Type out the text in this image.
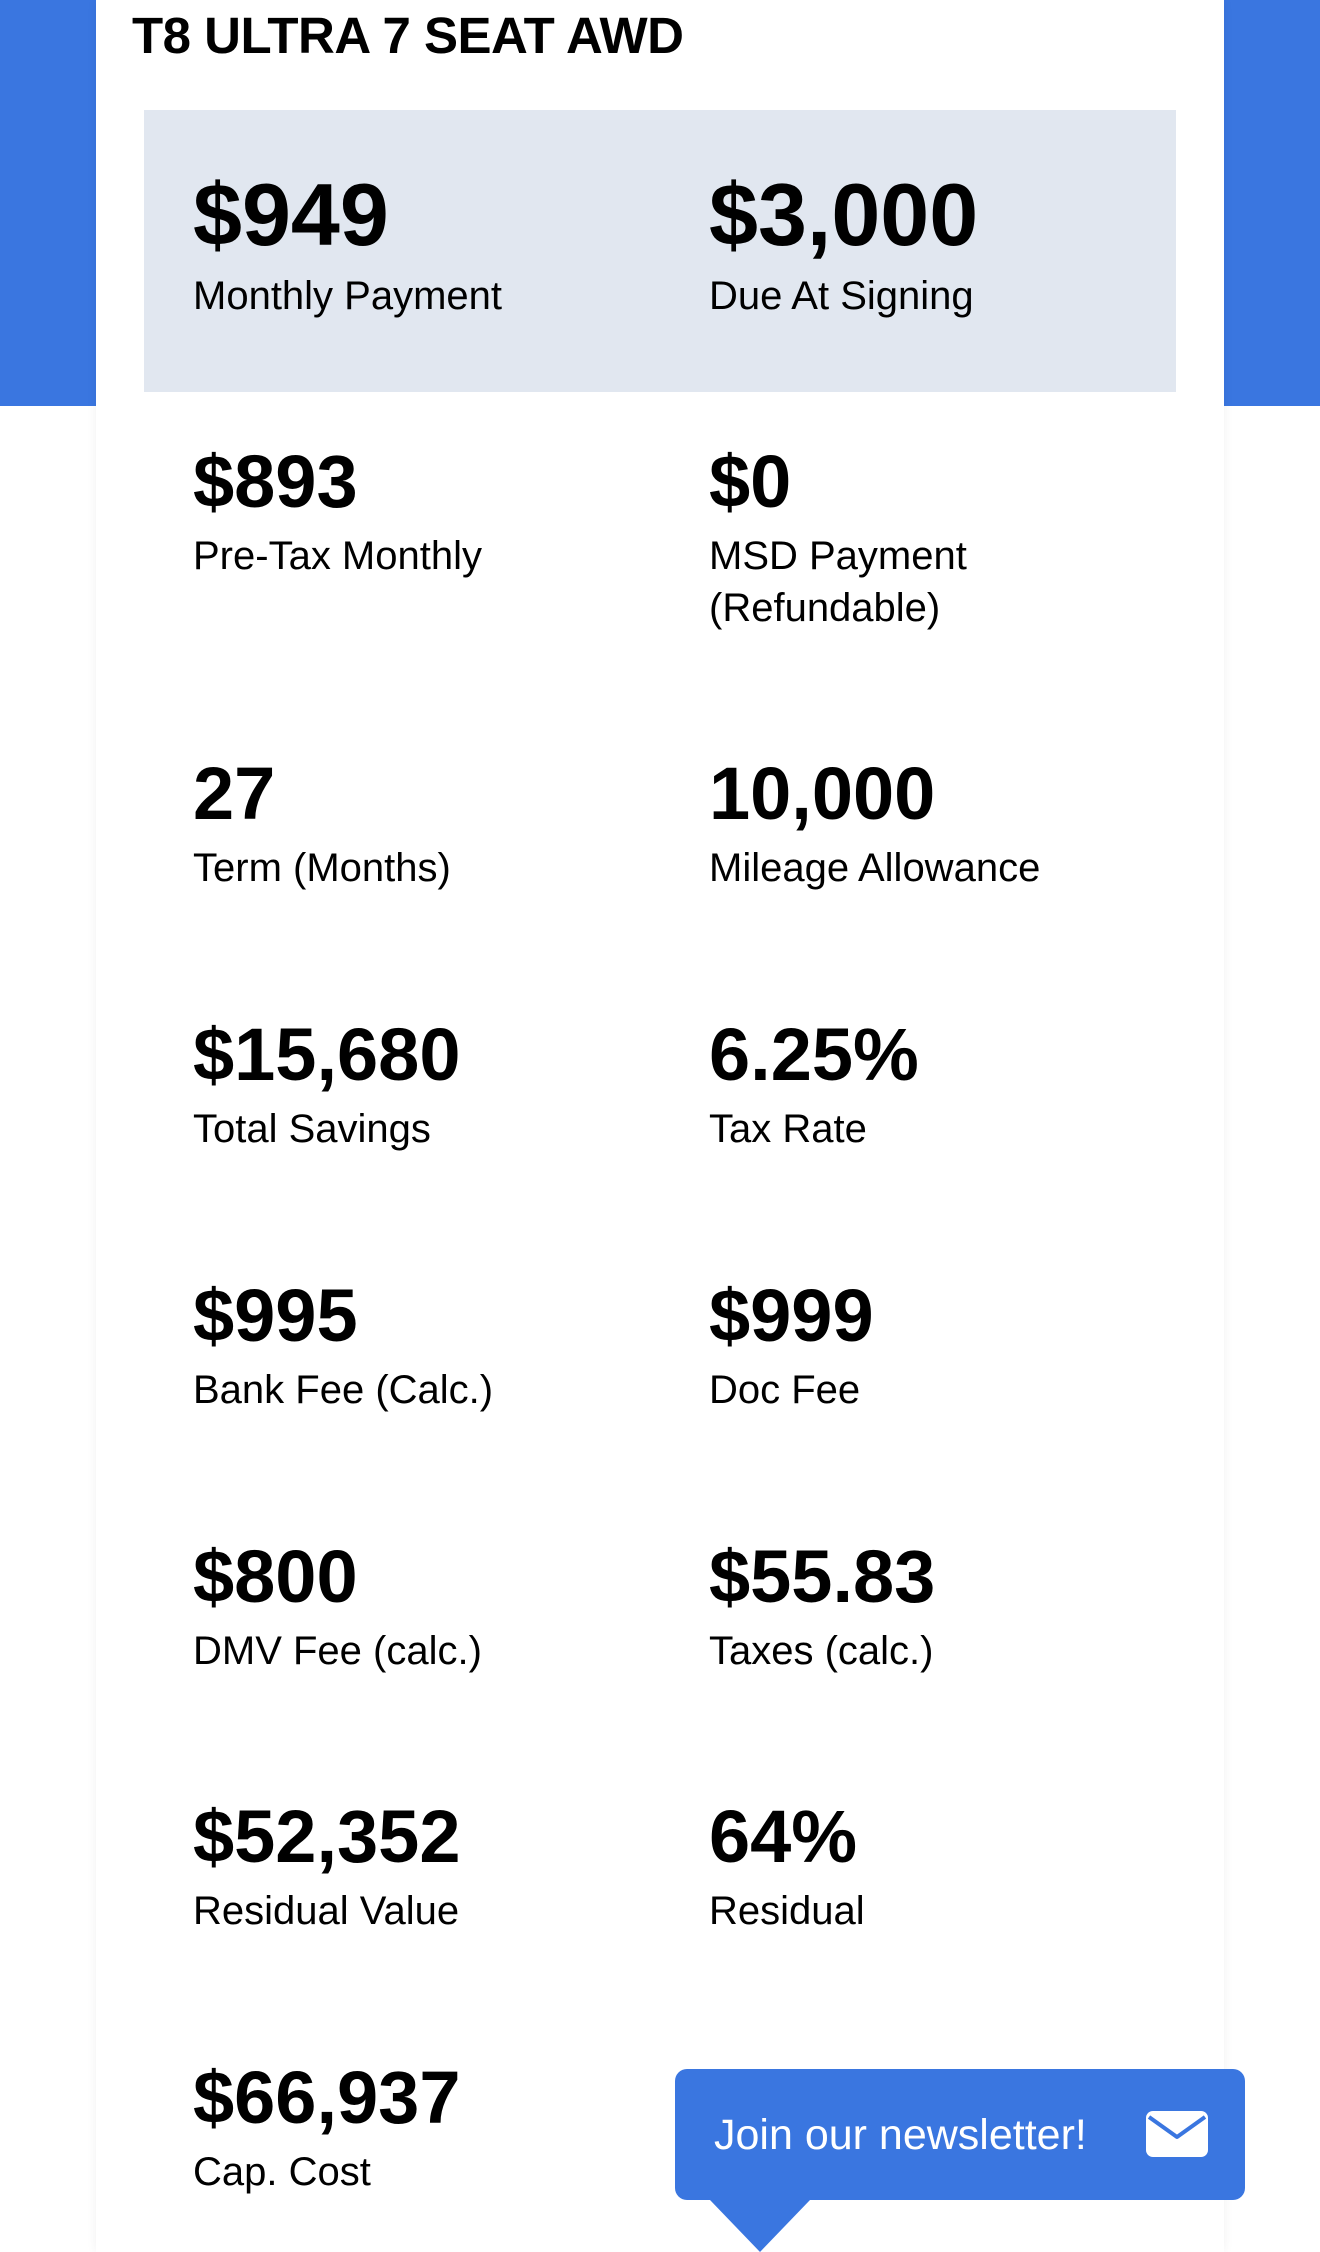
T8 ULTRA 7 SEAT AWD
$949
Monthly Payment
$3,000
Due At Signing
$893
Pre-Tax Monthly
$0
MSD Payment
(Refundable)
27
Term (Months)
10,000
Mileage Allowance
$15,680
Total Savings
6.25%
Tax Rate
$995
Bank Fee (Calc.)
$999
Doc Fee
$800
DMV Fee (calc.)
$55.83
Taxes (calc.)
$52,352
Residual Value
64%
Residual
$66,937
Cap. Cost
Join our newsletter!
